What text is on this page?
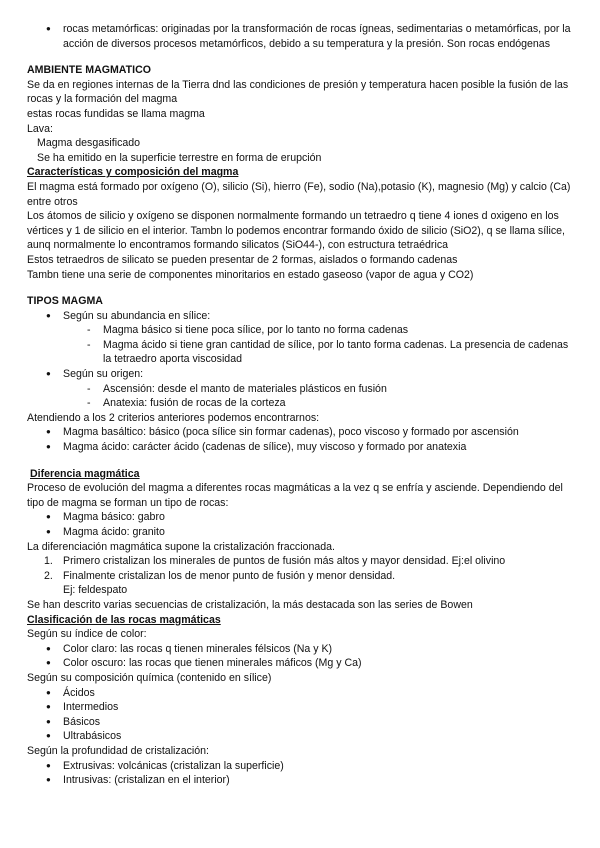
● rocas metamórficas: originadas por la transformación de rocas ígneas, sedimentarias o metamórficas, por la acción de diversos procesos metamórficos, debido a su temperatura y la presión. Son rocas endógenas

AMBIENTE MAGMATICO

Se da en regiones internas de la Tierra dnd las condiciones de presión y temperatura hacen posible la fusión de las rocas y la formación del magma

estas rocas fundidas se llama magma

Lava:

Magma desgasificado

Se ha emitido en la superficie terrestre en forma de erupción

Características y composición del magma

El magma está formado por oxígeno (O), silicio (Si), hierro (Fe), sodio (Na),potasio (K), magnesio (Mg) y calcio (Ca) entre otros

Los átomos de silicio y oxígeno se disponen normalmente formando un tetraedro q tiene 4 iones d oxigeno en los vértices y 1 de silicio en el interior. Tambn lo podemos encontrar formando óxido de silicio (SiO2), q se llama sílice, aunq normalmente lo encontramos formando silicatos (SiO44-), con estructura tetraédrica

Estos tetraedros de silicato se pueden presentar de 2 formas, aislados o formando cadenas

Tambn tiene una serie de componentes minoritarios en estado gaseoso (vapor de agua y CO2)

TIPOS MAGMA

● Según su abundancia en sílice:
- Magma básico si tiene poca sílice, por lo tanto no forma cadenas
- Magma ácido si tiene gran cantidad de sílice, por lo tanto forma cadenas. La presencia de cadenas la tetraedro aporta viscosidad
● Según su origen:
- Ascensión: desde el manto de materiales plásticos en fusión
- Anatexia: fusión de rocas de la corteza

Atendiendo a los 2 criterios anteriores podemos encontrarnos:

● Magma basáltico: básico (poca sílice sin formar cadenas), poco viscoso y formado por ascensión
● Magma ácido: carácter ácido (cadenas de sílice), muy viscoso y formado por anatexia

Diferencia magmática

Proceso de evolución del magma a diferentes rocas magmáticas a la vez q se enfría y asciende. Dependiendo del tipo de magma se forman un tipo de rocas:

● Magma básico: gabro
● Magma ácido: granito

La diferenciación magmática supone la cristalización fraccionada.

1. Primero cristalizan los minerales de puntos de fusión más altos y mayor densidad. Ej:el olivino
2. Finalmente cristalizan los de menor punto de fusión y menor densidad.

Ej: feldespato

Se han descrito varias secuencias de cristalización, la más destacada son las series de Bowen

Clasificación de las rocas magmáticas

Según su índice de color:

● Color claro: las rocas q tienen minerales félsicos (Na y K)
● Color oscuro: las rocas que tienen minerales máficos (Mg y Ca)

Según su composición química (contenido en sílice)

● Ácidos
● Intermedios
● Básicos
● Ultrabásicos

Según la profundidad de cristalización:

● Extrusivas: volcánicas (cristalizan la superficie)
● Intrusivas: (cristalizan en el interior)
